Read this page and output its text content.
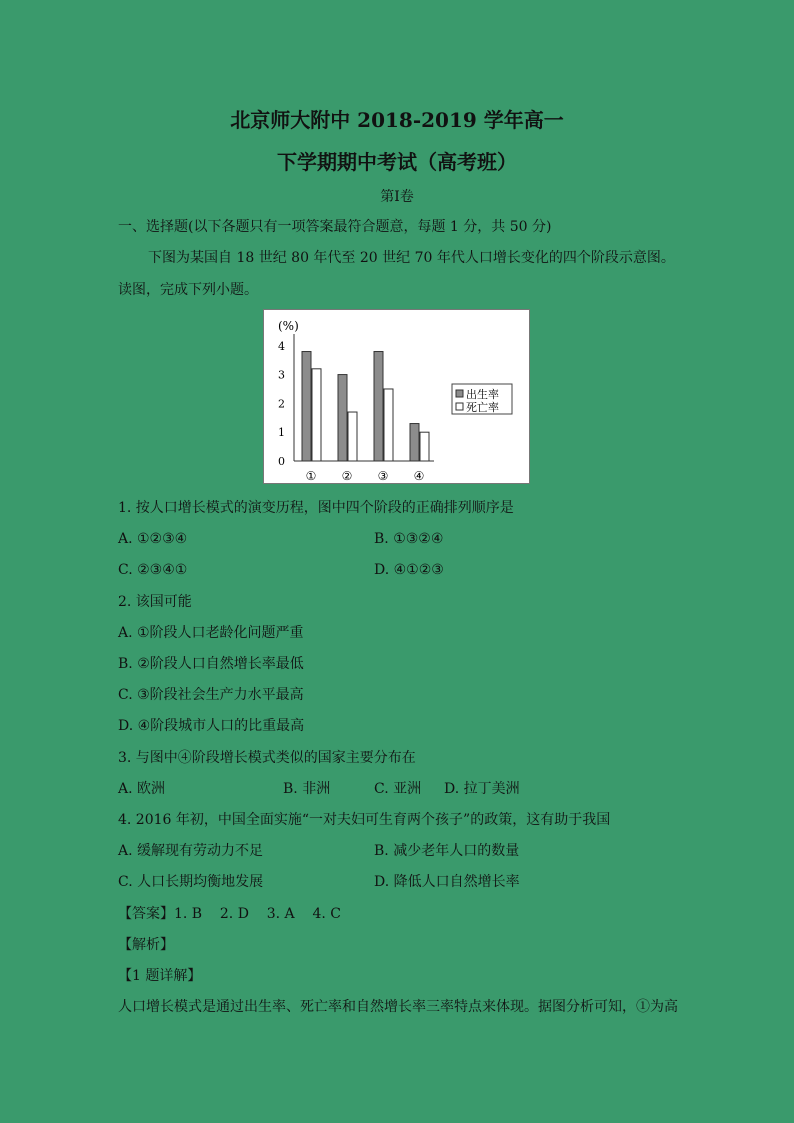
北京师大附中 2018-2019 学年高一
下学期期中考试（高考班）
第Ⅰ卷
一、选择题(以下各题只有一项答案最符合题意，每题 1 分，共 50 分)
下图为某国自 18 世纪 80 年代至 20 世纪 70 年代人口增长变化的四个阶段示意图。
读图，完成下列小题。
(%)
0
1
2
3
4
① ② ③ ④
出生率
死亡率
1. 按人口增长模式的演变历程，图中四个阶段的正确排列顺序是
A. ①②③④	B. ①③②④
C. ②③④①	D. ④①②③
2. 该国可能
A. ①阶段人口老龄化问题严重
B. ②阶段人口自然增长率最低
C. ③阶段社会生产力水平最高
D. ④阶段城市人口的比重最高
3. 与图中④阶段增长模式类似的国家主要分布在
A. 欧洲	B. 非洲	C. 亚洲 D. 拉丁美洲
4. 2016 年初，中国全面实施“一对夫妇可生育两个孩子”的政策，这有助于我国
A. 缓解现有劳动力不足	B. 减少老年人口的数量
C. 人口长期均衡地发展	D. 降低人口自然增长率
【答案】1. B    2. D    3. A    4. C
【解析】
【1 题详解】
人口增长模式是通过出生率、死亡率和自然增长率三率特点来体现。据图分析可知，①为高
